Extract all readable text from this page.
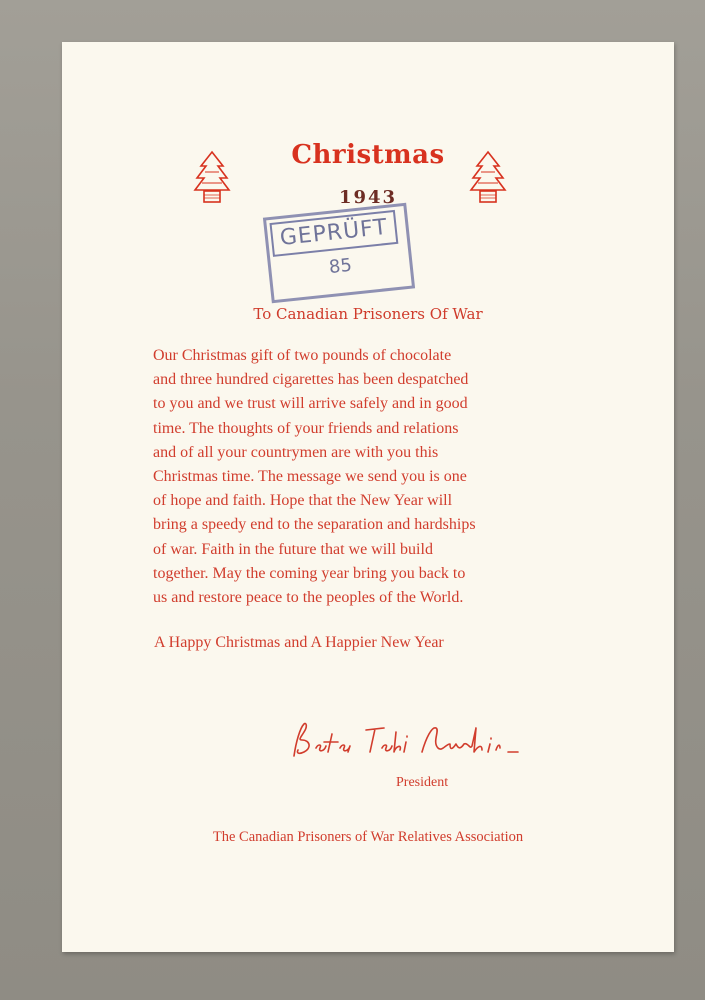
Christmas
1943
GEPRÜFT
85
To Canadian Prisoners Of War
Our Christmas gift of two pounds of chocolate
and three hundred cigarettes has been despatched
to you and we trust will arrive safely and in good
time. The thoughts of your friends and relations
and of all your countrymen are with you this
Christmas time. The message we send you is one
of hope and faith. Hope that the New Year will
bring a speedy end to the separation and hardships
of war. Faith in the future that we will build
together. May the coming year bring you back to
us and restore peace to the peoples of the World.
A Happy Christmas and A Happier New Year
President
The Canadian Prisoners of War Relatives Association
